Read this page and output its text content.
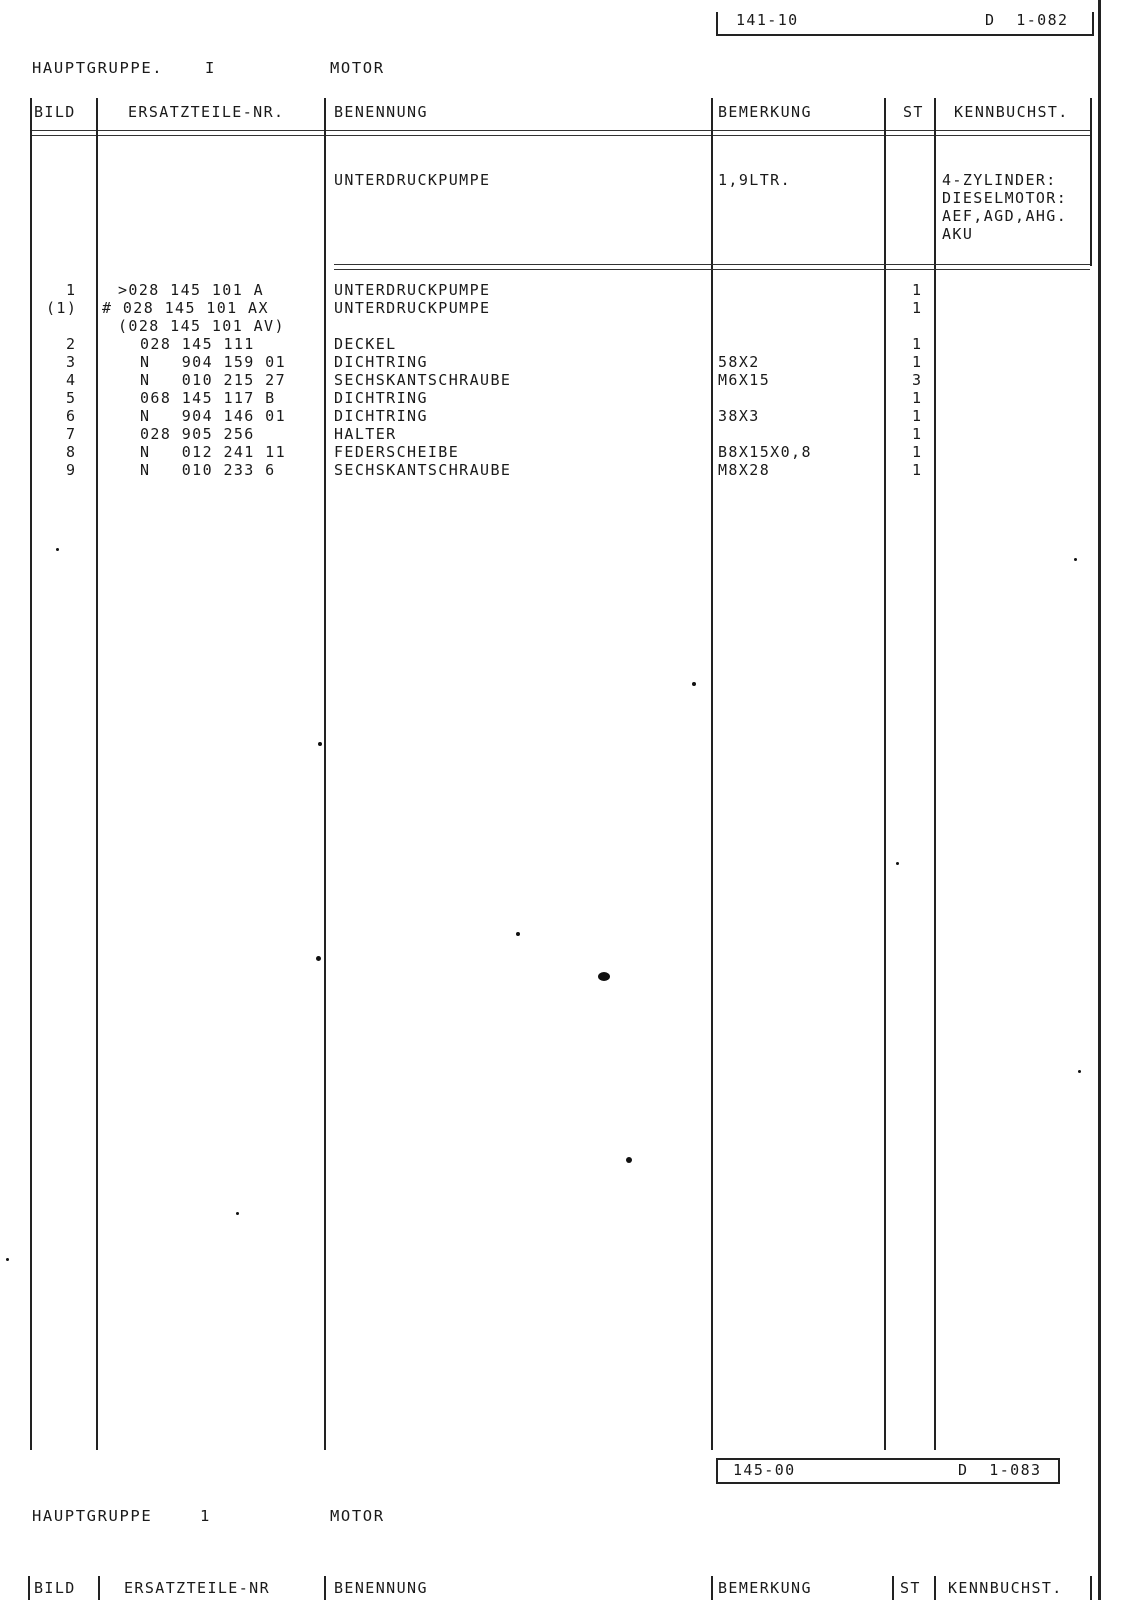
141-10	D  1-082
HAUPTGRUPPE.	I	MOTOR
BILD	ERSATZTEILE-NR.	BENENNUNG	BEMERKUNG	ST KENNBUCHST.
UNTERDRUCKPUMPE	1,9LTR.	4-ZYLINDER:
DIESELMOTOR:
AEF,AGD,AHG.
AKU
1	>028 145 101 A	UNTERDRUCKPUMPE	1
(1) # 028 145 101 AX	UNTERDRUCKPUMPE	1
(028 145 101 AV)
2	028 145 111	DECKEL	1
3	N   904 159 01	DICHTRING	58X2	1
4	N   010 215 27	SECHSKANTSCHRAUBE	M6X15	3
5	068 145 117 B	DICHTRING	1
6	N   904 146 01	DICHTRING	38X3	1
7	028 905 256	HALTER	1
8	N   012 241 11	FEDERSCHEIBE	B8X15X0,8	1
9	N   010 233 6	SECHSKANTSCHRAUBE	M8X28	1
145-00	D  1-083
HAUPTGRUPPE	1	MOTOR
BILD	ERSATZTEILE-NR	BENENNUNG	BEMERKUNG	ST KENNBUCHST.
